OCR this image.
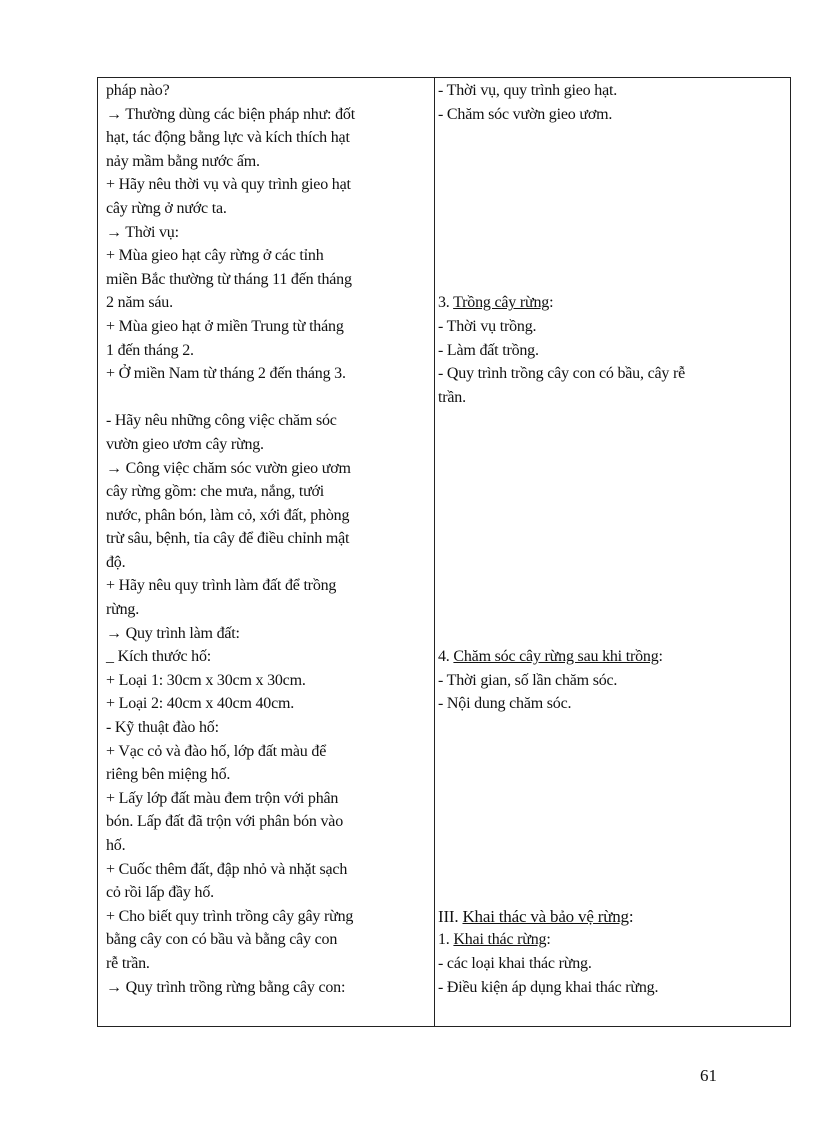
pháp nào?
→ Thường dùng các biện pháp như: đốt
hạt, tác động bằng lực và kích thích hạt
nảy mầm bằng nước ấm.
+ Hãy nêu thời vụ và quy trình gieo hạt
cây rừng ở nước ta.
→ Thời vụ:
+ Mùa gieo hạt cây rừng ở các tỉnh
miền Bắc thường từ tháng 11 đến tháng
2 năm sáu.
+ Mùa gieo hạt ở miền Trung từ tháng
1 đến tháng 2.
+ Ở miền Nam từ tháng 2 đến tháng 3.
- Hãy nêu những công việc chăm sóc
vườn gieo ươm cây rừng.
→ Công việc chăm sóc vườn gieo ươm
cây rừng gồm: che mưa, nắng, tưới
nước, phân bón, làm cỏ, xới đất, phòng
trừ sâu, bệnh, tỉa cây để điều chỉnh mật
độ.
+ Hãy nêu quy trình làm đất để trồng
rừng.
→ Quy trình làm đất:
_ Kích thước hố:
+ Loại 1: 30cm x 30cm x 30cm.
+ Loại 2: 40cm x 40cm 40cm.
- Kỹ thuật đào hố:
+ Vạc cỏ và đào hố, lớp đất màu để
riêng bên miệng hố.
+ Lấy lớp đất màu đem trộn với phân
bón. Lấp đất đã trộn với phân bón vào
hố.
+ Cuốc thêm đất, đập nhỏ và nhặt sạch
cỏ rồi lấp đầy hố.
+ Cho biết quy trình trồng cây gây rừng
bằng cây con có bầu và bằng cây con
rễ trần.
→ Quy trình trồng rừng bằng cây con:
- Thời vụ, quy trình gieo hạt.
- Chăm sóc vườn gieo ươm.
3. Trồng cây rừng:
- Thời vụ trồng.
- Làm đất trồng.
- Quy trình trồng cây con có bầu, cây rễ
trần.
4. Chăm sóc cây rừng sau khi trồng:
- Thời gian, số lần chăm sóc.
- Nội dung chăm sóc.
III. Khai thác và bảo vệ rừng:
1. Khai thác rừng:
- các loại khai thác rừng.
- Điều kiện áp dụng khai thác rừng.
61
